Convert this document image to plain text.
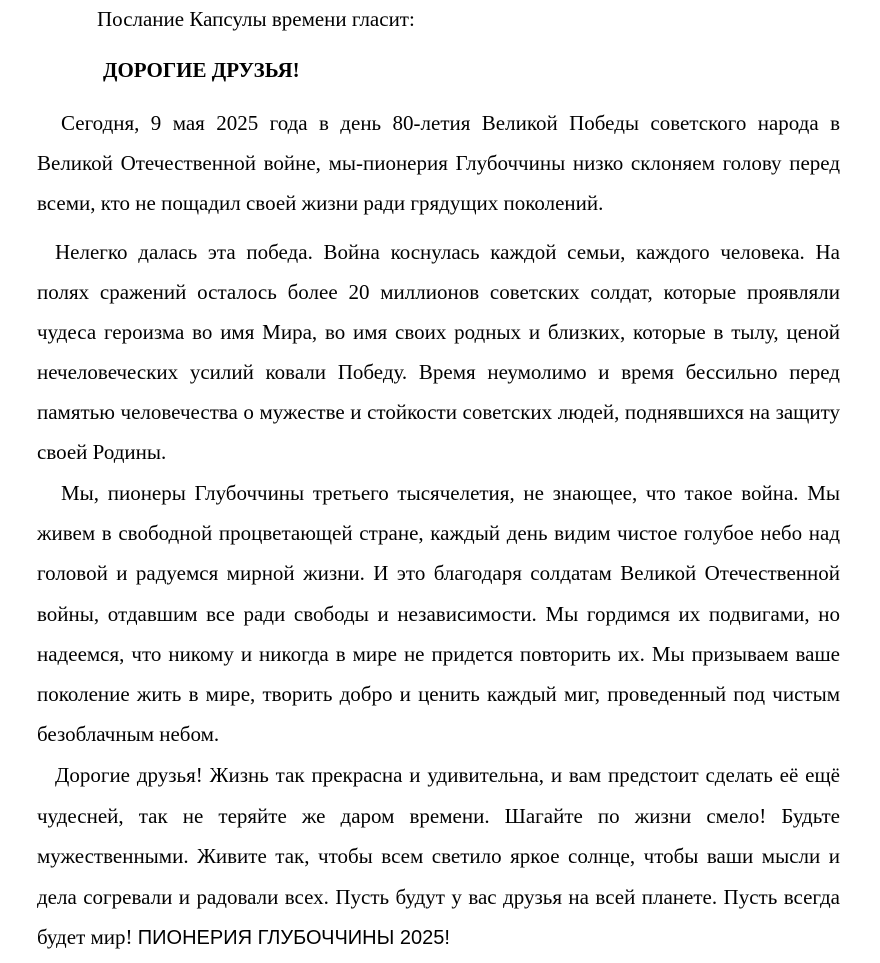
Послание Капсулы времени гласит:

ДОРОГИЕ ДРУЗЬЯ!

Сегодня, 9 мая 2025 года в день 80-летия Великой Победы советского народа в Великой Отечественной войне, мы-пионерия Глубоччины низко склоняем голову перед всеми, кто не пощадил своей жизни ради грядущих поколений.

Нелегко далась эта победа. Война коснулась каждой семьи, каждого человека. На полях сражений осталось более 20 миллионов советских солдат, которые проявляли чудеса героизма во имя Мира, во имя своих родных и близких, которые в тылу, ценой нечеловеческих усилий ковали Победу. Время неумолимо и время бессильно перед памятью человечества о мужестве и стойкости советских людей, поднявшихся на защиту своей Родины.

Мы, пионеры Глубоччины третьего тысячелетия, не знающее, что такое война. Мы живем в свободной процветающей стране, каждый день видим чистое голубое небо над головой и радуемся мирной жизни. И это благодаря солдатам Великой Отечественной войны, отдавшим все ради свободы и независимости. Мы гордимся их подвигами, но надеемся, что никому и никогда в мире не придется повторить их. Мы призываем ваше поколение жить в мире, творить добро и ценить каждый миг, проведенный под чистым безоблачным небом.

Дорогие друзья! Жизнь так прекрасна и удивительна, и вам предстоит сделать её ещё чудесней, так не теряйте же даром времени. Шагайте по жизни смело! Будьте мужественными. Живите так, чтобы всем светило яркое солнце, чтобы ваши мысли и дела согревали и радовали всех. Пусть будут у вас друзья на всей планете. Пусть всегда будет мир! ПИОНЕРИЯ ГЛУБОЧЧИНЫ 2025!
